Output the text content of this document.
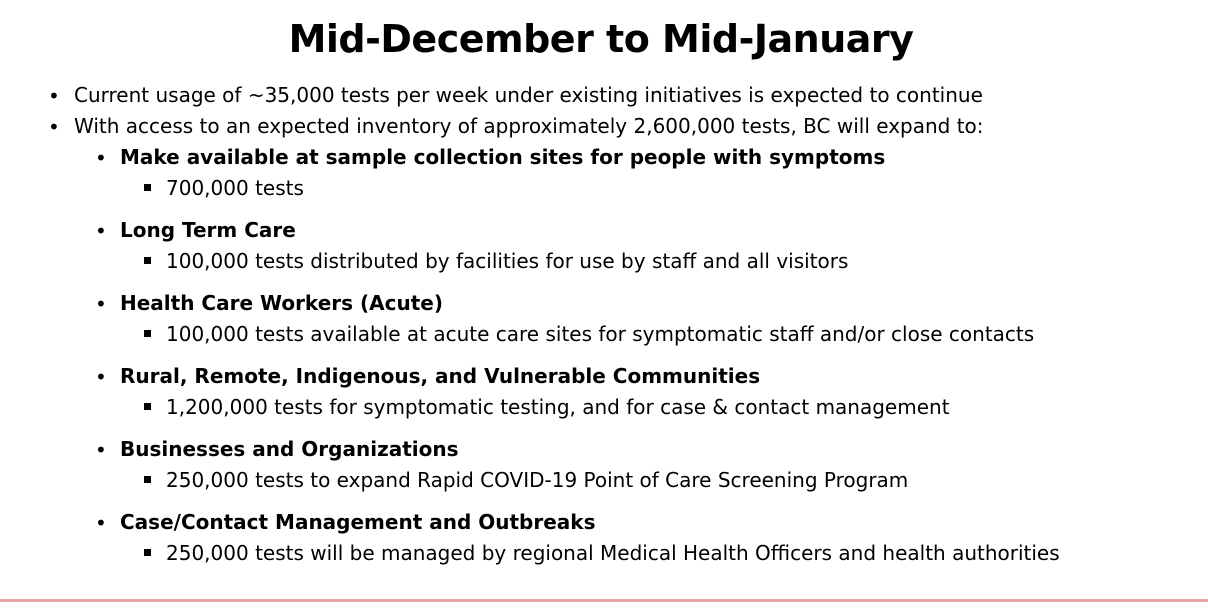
Mid-December to Mid-January
• Current usage of ~35,000 tests per week under existing initiatives is expected to continue
• With access to an expected inventory of approximately 2,600,000 tests, BC will expand to:
• Make available at sample collection sites for people with symptoms
700,000 tests
• Long Term Care
100,000 tests distributed by facilities for use by staff and all visitors
• Health Care Workers (Acute)
100,000 tests available at acute care sites for symptomatic staff and/or close contacts
• Rural, Remote, Indigenous, and Vulnerable Communities
1,200,000 tests for symptomatic testing, and for case & contact management
• Businesses and Organizations
250,000 tests to expand Rapid COVID-19 Point of Care Screening Program
• Case/Contact Management and Outbreaks
250,000 tests will be managed by regional Medical Health Officers and health authorities
